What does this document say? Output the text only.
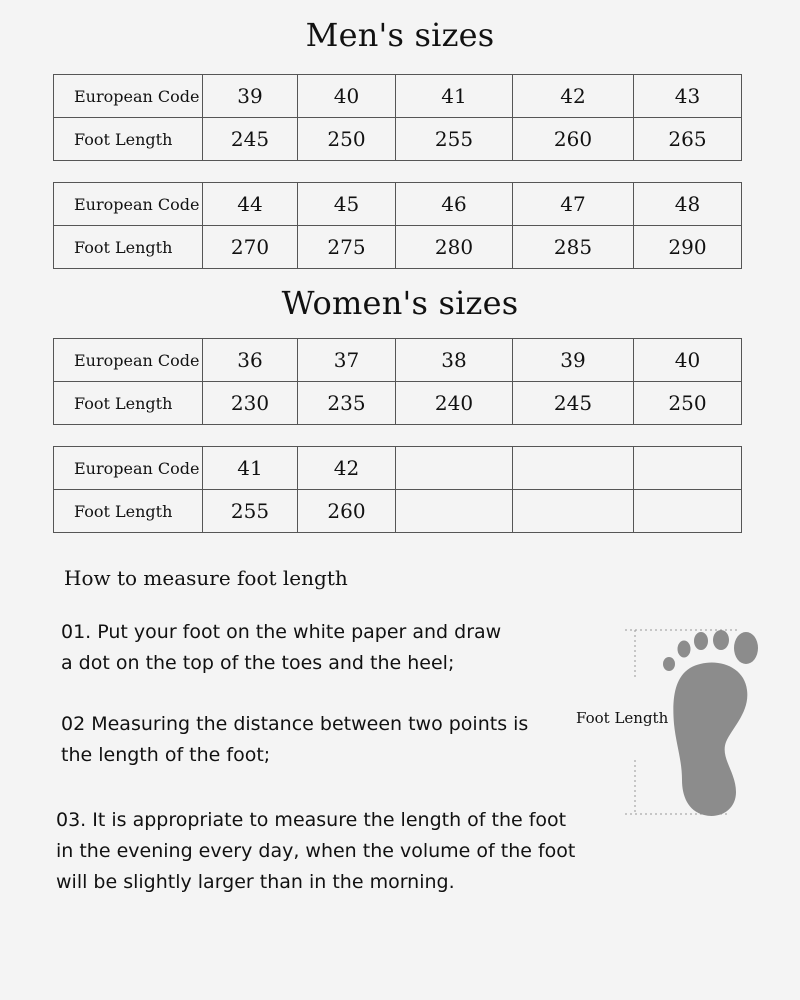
Men's sizes
European Code	39	40	41	42	43
Foot Length	245	250	255	260	265
European Code	44	45	46	47	48
Foot Length	270	275	280	285	290
Women's sizes
European Code	36	37	38	39	40
Foot Length	230	235	240	245	250
European Code	41	42			
Foot Length	255	260			
How to measure foot length
01. Put your foot on the white paper and draw
a dot on the top of the toes and the heel;
02 Measuring the distance between two points is
the length of the foot;
03. It is appropriate to measure the length of the foot
in the evening every day, when the volume of the foot
will be slightly larger than in the morning.
Foot Length
